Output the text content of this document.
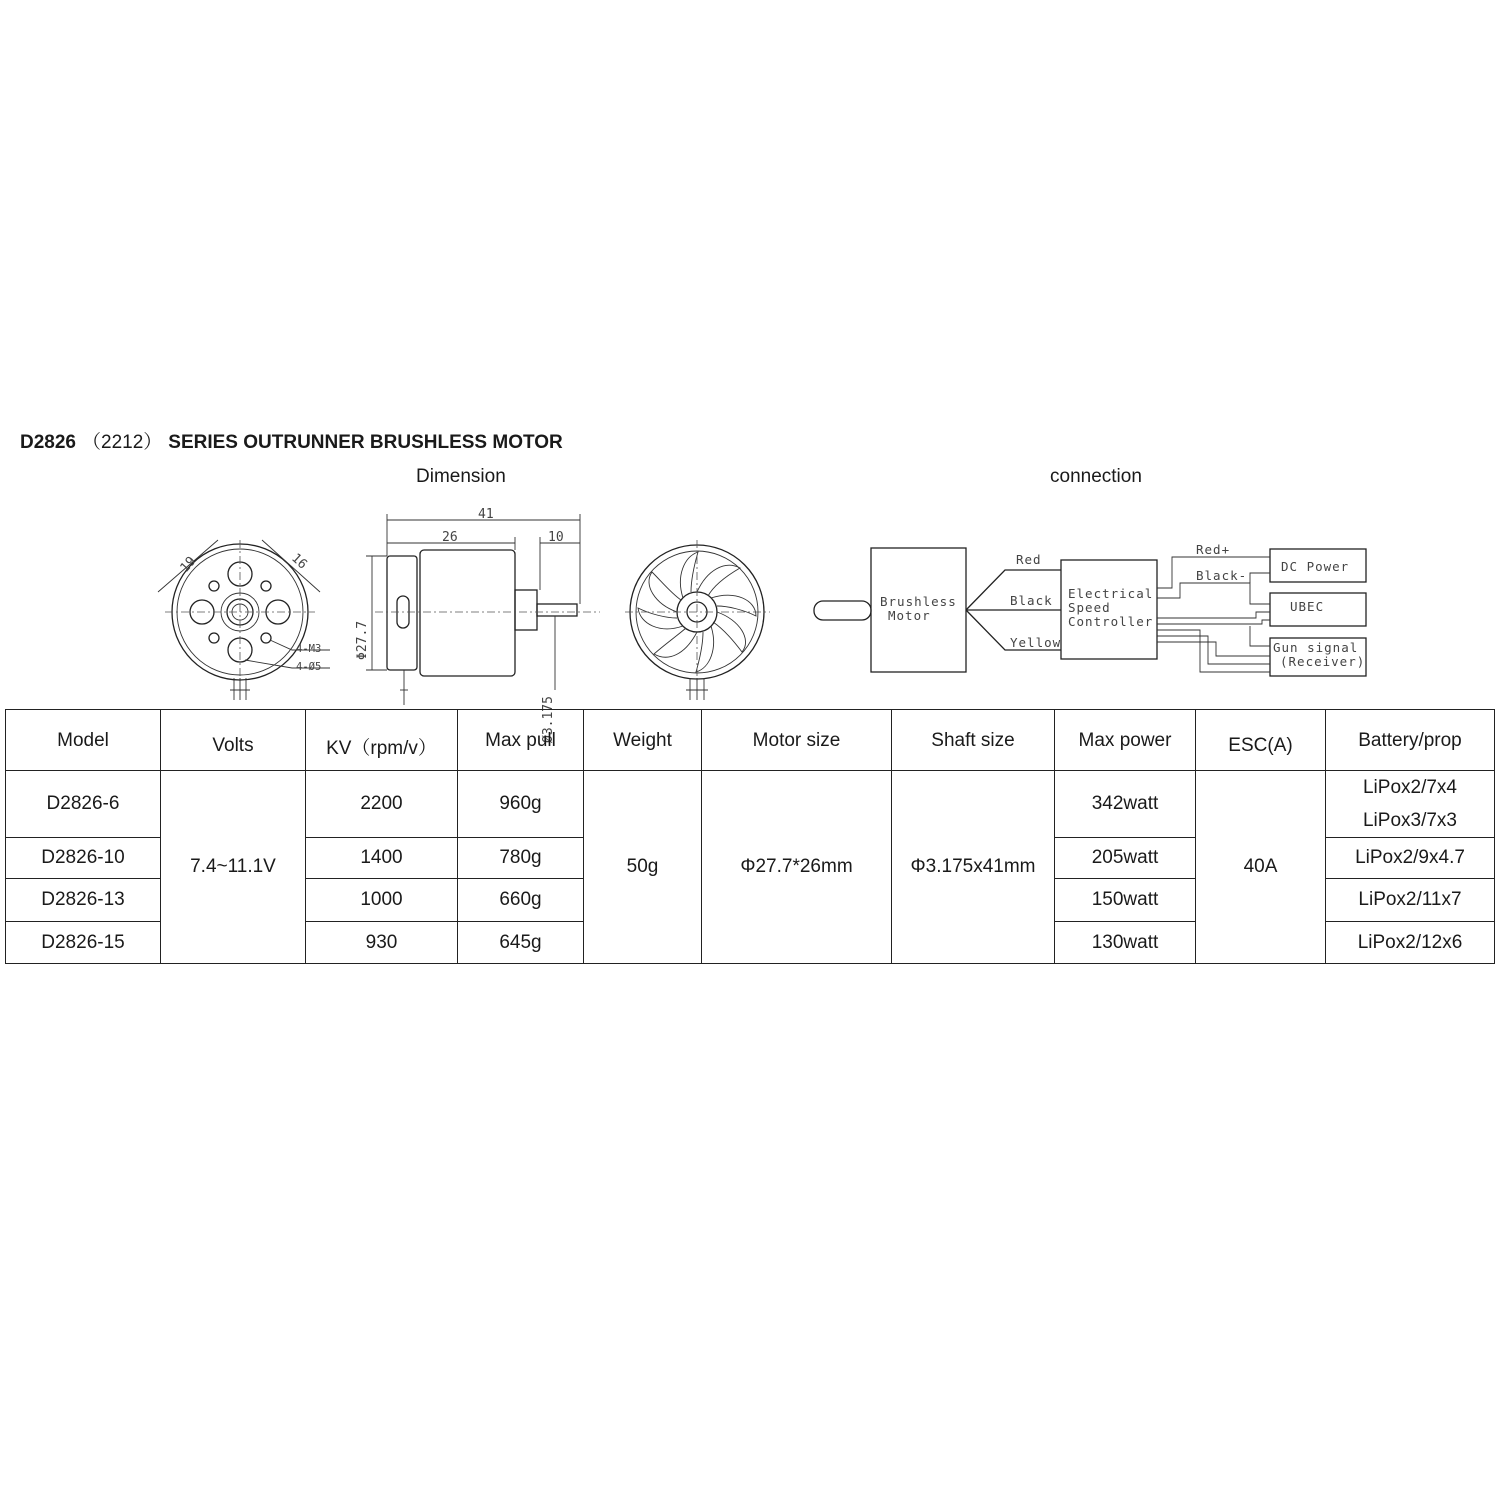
D2826 （2212） SERIES OUTRUNNER BRUSHLESS MOTOR
Dimension	connection
19	16
4-M3
4-Ø5
41
26	10
Φ27.7
Ø3.175
Brushless
Motor
Electrical
Speed
Controller
Red
Black
Yellow
DC Power
UBEC
Gun signal
(Receiver)
Red+
Black-
Model	Volts	KV（rpm/v）	Max pull	Weight	Motor size	Shaft size	Max power	ESC(A)	Battery/prop
D2826-6	7.4~11.1V	2200	960g	50g	Φ27.7*26mm	Φ3.175x41mm	342watt	40A	LiPox2/7x4
LiPox3/7x3

D2826-10		1400	780g				205watt		LiPox2/9x4.7
D2826-13		1000	660g				150watt		LiPox2/11x7
D2826-15		930	645g				130watt		LiPox2/12x6
